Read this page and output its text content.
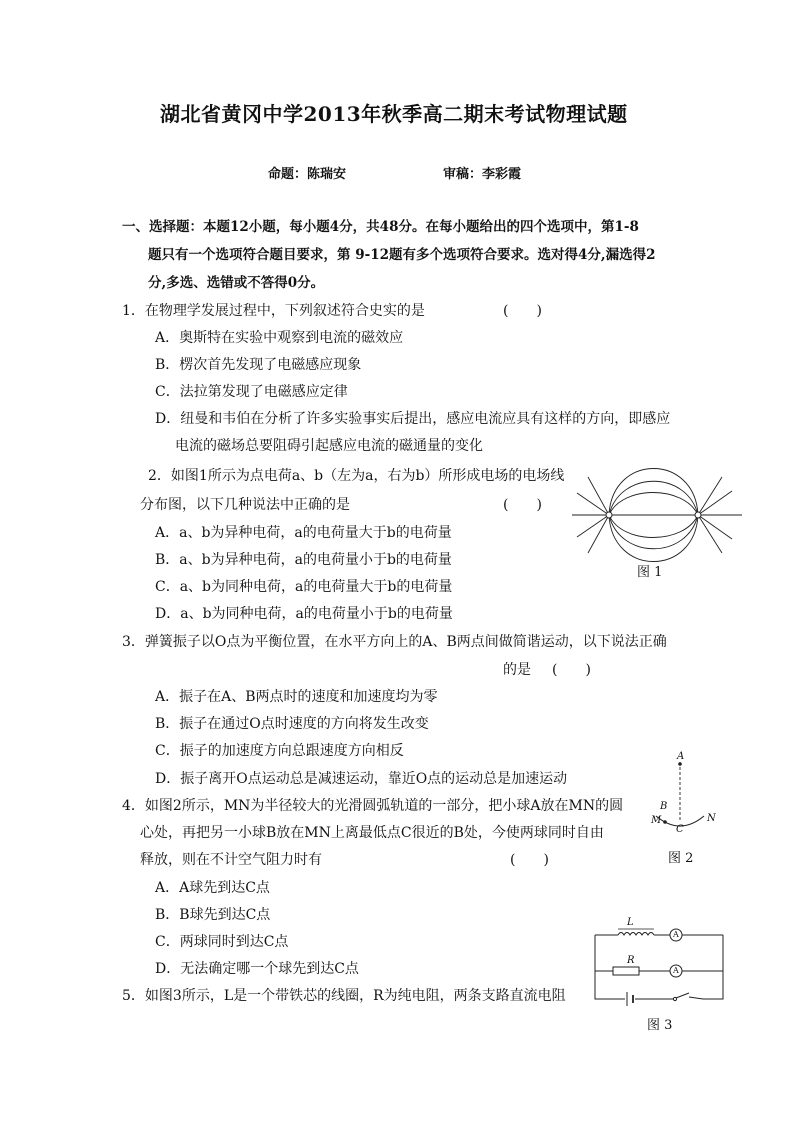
湖北省黄冈中学2013年秋季高二期末考试物理试题
命题：陈瑞安	审稿：李彩霞
一、选择题：本题12小题，每小题4分，共48分。在每小题给出的四个选项中，第1-8
题只有一个选项符合题目要求，第 9-12题有多个选项符合要求。选对得4分,漏选得2
分,多选、选错或不答得0分。
1．在物理学发展过程中，下列叙述符合史实的是	(　　)
A．奥斯特在实验中观察到电流的磁效应
B．楞次首先发现了电磁感应现象
C．法拉第发现了电磁感应定律
D．纽曼和韦伯在分析了许多实验事实后提出，感应电流应具有这样的方向，即感应
电流的磁场总要阻碍引起感应电流的磁通量的变化
2．如图1所示为点电荷a、b（左为a，右为b）所形成电场的电场线
分布图，以下几种说法中正确的是	(　　)
A．a、b为异种电荷，a的电荷量大于b的电荷量
B．a、b为异种电荷，a的电荷量小于b的电荷量
C．a、b为同种电荷，a的电荷量大于b的电荷量
D．a、b为同种电荷，a的电荷量小于b的电荷量
图 1
3．弹簧振子以O点为平衡位置，在水平方向上的A、B两点间做简谐运动，以下说法正确
的是 (　　)
A．振子在A、B两点时的速度和加速度均为零
B．振子在通过O点时速度的方向将发生改变
C．振子的加速度方向总跟速度方向相反
D．振子离开O点运动总是减速运动，靠近O点的运动总是加速运动
A
B
M
C
N
图 2
4．如图2所示，MN为半径较大的光滑圆弧轨道的一部分，把小球A放在MN的圆
心处，再把另一小球B放在MN上离最低点C很近的B处，今使两球同时自由
释放，则在不计空气阻力时有	(　　)
A．A球先到达C点
B．B球先到达C点
C．两球同时到达C点
D．无法确定哪一个球先到达C点
L
R
A
A
图 3
5．如图3所示，L是一个带铁芯的线圈，R为纯电阻，两条支路直流电阻
